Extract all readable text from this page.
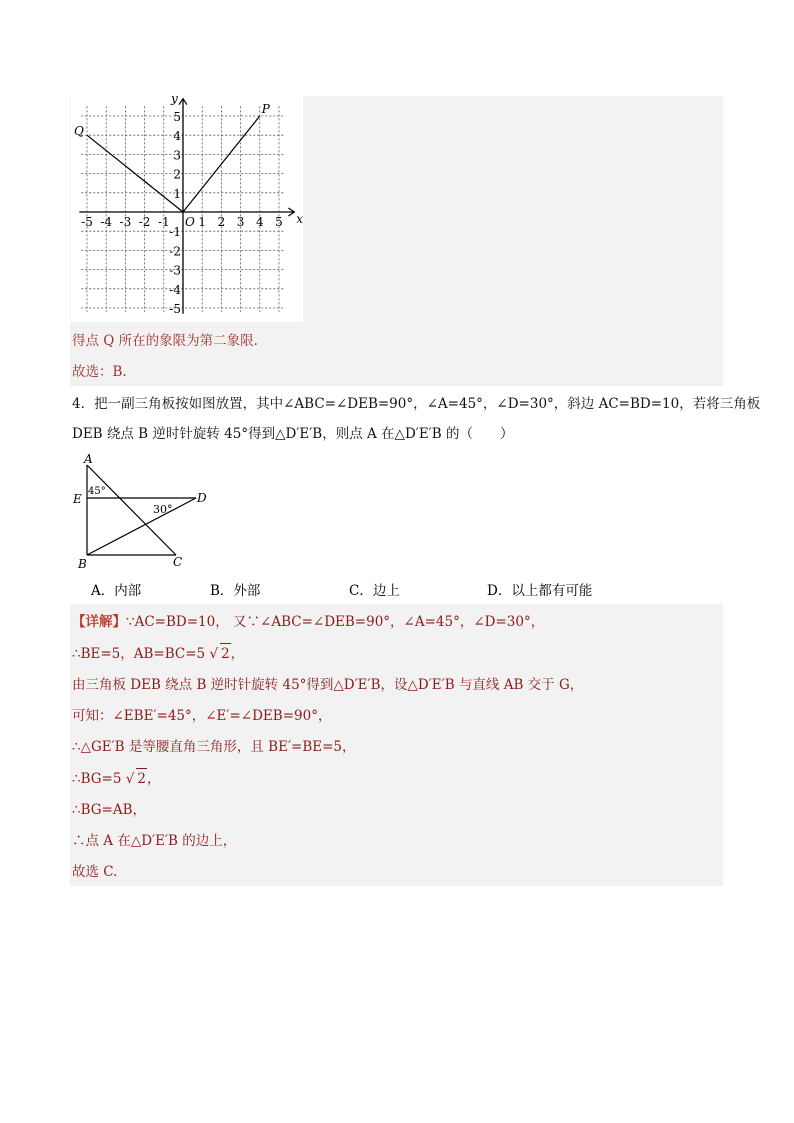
-5 -4 -3 -2 -1 1 2 3 4 5
5
4
3
2
1
-1
-2
-3
-4
-5
O	x
y
P
Q
得点 Q 所在的象限为第二象限.
故选：B.
4．把一副三角板按如图放置，其中∠ABC=∠DEB=90°，∠A=45°，∠D=30°，斜边 AC=BD=10，若将三角板
DEB 绕点 B 逆时针旋转 45°得到△D′E′B，则点 A 在△D′E′B 的（　　）
A
E	D
B	C
45°
30°
A．内部	B．外部	C．边上	D．以上都有可能
【详解】∵AC=BD=10， 又∵∠ABC=∠DEB=90°，∠A=45°，∠D=30°，
∴BE=5，AB=BC=5 √ 2，
由三角板 DEB 绕点 B 逆时针旋转 45°得到△D′E′B，设△D′E′B 与直线 AB 交于 G，
可知：∠EBE′=45°，∠E′=∠DEB=90°，
∴△GE′B 是等腰直角三角形，且 BE′=BE=5，
∴BG=5 √ 2，
∴BG=AB，
∴点 A 在△D′E′B 的边上，
故选 C.
